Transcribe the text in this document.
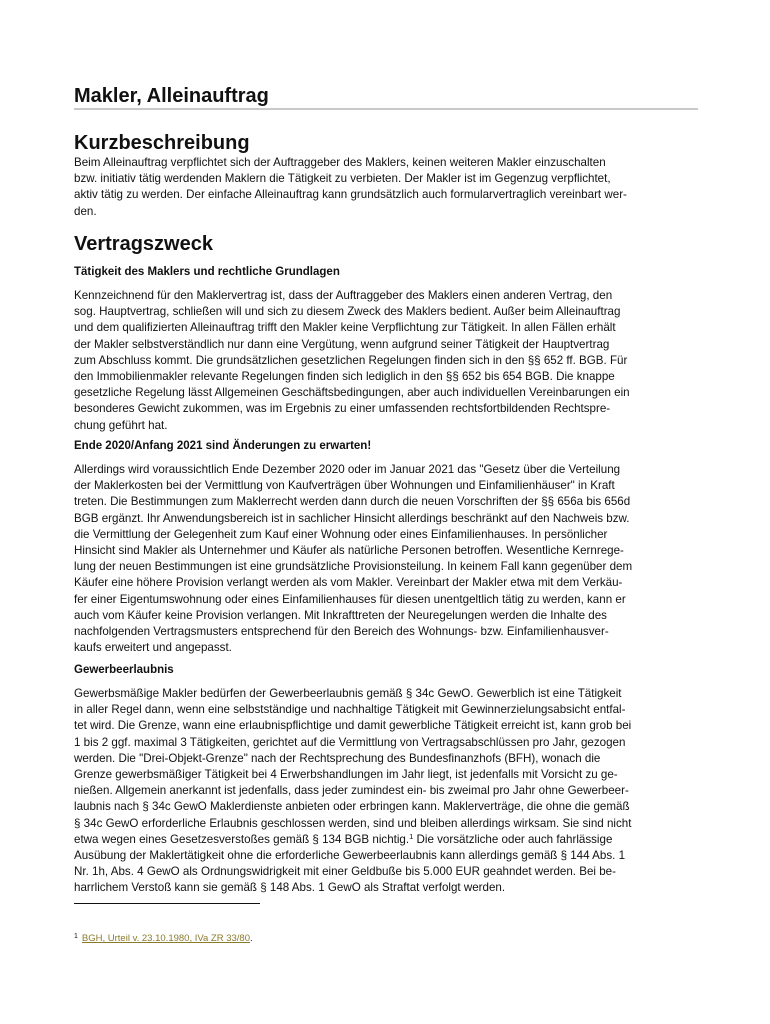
Makler, Alleinauftrag
Kurzbeschreibung

Beim Alleinauftrag verpflichtet sich der Auftraggeber des Maklers, keinen weiteren Makler einzuschalten
bzw. initiativ tätig werdenden Maklern die Tätigkeit zu verbieten. Der Makler ist im Gegenzug verpflichtet,
aktiv tätig zu werden. Der einfache Alleinauftrag kann grundsätzlich auch formularvertraglich vereinbart wer-
den.

Vertragszweck
Tätigkeit des Maklers und rechtliche Grundlagen

Kennzeichnend für den Maklervertrag ist, dass der Auftraggeber des Maklers einen anderen Vertrag, den
sog. Hauptvertrag, schließen will und sich zu diesem Zweck des Maklers bedient. Außer beim Alleinauftrag
und dem qualifizierten Alleinauftrag trifft den Makler keine Verpflichtung zur Tätigkeit. In allen Fällen erhält
der Makler selbstverständlich nur dann eine Vergütung, wenn aufgrund seiner Tätigkeit der Hauptvertrag
zum Abschluss kommt. Die grundsätzlichen gesetzlichen Regelungen finden sich in den §§ 652 ff. BGB. Für
den Immobilienmakler relevante Regelungen finden sich lediglich in den §§ 652 bis 654 BGB. Die knappe
gesetzliche Regelung lässt Allgemeinen Geschäftsbedingungen, aber auch individuellen Vereinbarungen ein
besonderes Gewicht zukommen, was im Ergebnis zu einer umfassenden rechtsfortbildenden Rechtspre-
chung geführt hat.

Ende 2020/Anfang 2021 sind Änderungen zu erwarten!

Allerdings wird voraussichtlich Ende Dezember 2020 oder im Januar 2021 das "Gesetz über die Verteilung
der Maklerkosten bei der Vermittlung von Kaufverträgen über Wohnungen und Einfamilienhäuser" in Kraft
treten. Die Bestimmungen zum Maklerrecht werden dann durch die neuen Vorschriften der §§ 656a bis 656d
BGB ergänzt. Ihr Anwendungsbereich ist in sachlicher Hinsicht allerdings beschränkt auf den Nachweis bzw.
die Vermittlung der Gelegenheit zum Kauf einer Wohnung oder eines Einfamilienhauses. In persönlicher
Hinsicht sind Makler als Unternehmer und Käufer als natürliche Personen betroffen. Wesentliche Kernrege-
lung der neuen Bestimmungen ist eine grundsätzliche Provisionsteilung. In keinem Fall kann gegenüber dem
Käufer eine höhere Provision verlangt werden als vom Makler. Vereinbart der Makler etwa mit dem Verkäu-
fer einer Eigentumswohnung oder eines Einfamilienhauses für diesen unentgeltlich tätig zu werden, kann er
auch vom Käufer keine Provision verlangen. Mit Inkrafttreten der Neuregelungen werden die Inhalte des
nachfolgenden Vertragsmusters entsprechend für den Bereich des Wohnungs- bzw. Einfamilienhausver-
kaufs erweitert und angepasst.

Gewerbeerlaubnis

Gewerbsmäßige Makler bedürfen der Gewerbeerlaubnis gemäß § 34c GewO. Gewerblich ist eine Tätigkeit
in aller Regel dann, wenn eine selbstständige und nachhaltige Tätigkeit mit Gewinnerzielungsabsicht entfal-
tet wird. Die Grenze, wann eine erlaubnispflichtige und damit gewerbliche Tätigkeit erreicht ist, kann grob bei
1 bis 2 ggf. maximal 3 Tätigkeiten, gerichtet auf die Vermittlung von Vertragsabschlüssen pro Jahr, gezogen
werden. Die "Drei-Objekt-Grenze" nach der Rechtsprechung des Bundesfinanzhofs (BFH), wonach die
Grenze gewerbsmäßiger Tätigkeit bei 4 Erwerbshandlungen im Jahr liegt, ist jedenfalls mit Vorsicht zu ge-
nießen. Allgemein anerkannt ist jedenfalls, dass jeder zumindest ein- bis zweimal pro Jahr ohne Gewerbeer-
laubnis nach § 34c GewO Maklerdienste anbieten oder erbringen kann. Maklerverträge, die ohne die gemäß
§ 34c GewO erforderliche Erlaubnis geschlossen werden, sind und bleiben allerdings wirksam. Sie sind nicht
etwa wegen eines Gesetzesverstoßes gemäß § 134 BGB nichtig.$^1$ Die vorsätzliche oder auch fahrlässige
Ausübung der Maklertätigkeit ohne die erforderliche Gewerbeerlaubnis kann allerdings gemäß § 144 Abs. 1
Nr. 1h, Abs. 4 GewO als Ordnungswidrigkeit mit einer Geldbuße bis 5.000 EUR geahndet werden. Bei be-
harrlichem Verstoß kann sie gemäß § 148 Abs. 1 GewO als Straftat verfolgt werden.

$^1$ BGH, Urteil v. 23.10.1980, IVa ZR 33/80.
